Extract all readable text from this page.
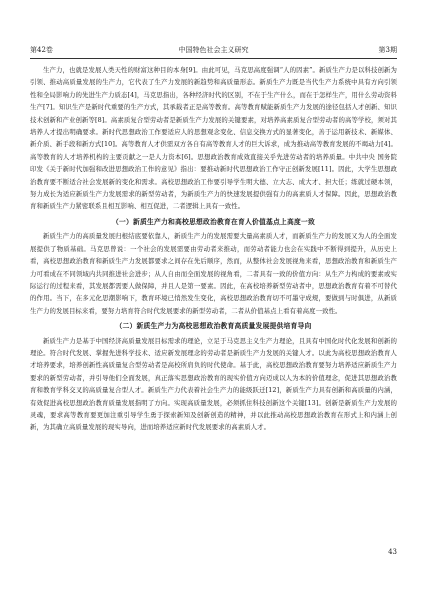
第42卷	中国特色社会主义研究	第3期

生产力，也就是发展人类天性的财富这种目的本身[9]。由此可见，马克思高度强调“人的因素”。新质生产力是以科技创新为引领、推动高质量发展的生产力，它代表了生产力发展的新趋势和高质量形态。新质生产力既是当代生产力系统中具有方向引领性和全局影响力的先进生产力质态[4]，马克思指出，各种经济时代的区别，不在于生产什么，而在于怎样生产，用什么劳动资料生产[7]。知识生产是新时代重要的生产方式，其承载者正是高等教育。高等教育赋能新质生产力发展的途径包括人才创新、知识技术创新和产业创新等[8]。高素质复合型劳动者是新质生产力发展的关键要素，对培养高素质复合型劳动者的高等学校，须对其培养人才提出明确要求。新时代思想政治工作要适应人的思想观念变化、信息交换方式的显著变化，善于运用新技术、新媒体、新介质、新手段和新方式[10]。高等教育人才供需双方各自有高等教育人才的巨大诉求，成为推动高等教育发展的不竭动力[4]。高等教育的人才培养机构的主要贡献之一是人力资本[6]。思想政治教育成效直接关乎先进劳动者的培养质量。中共中央 国务院印发《关于新时代加强和改进思想政治工作的意见》指出：要推动新时代思想政治工作守正创新发展[11]。因此，大学生思想政治教育要不断适合社会发展新的变化和需求。高校思想政治工作要引导学生明大德、立大志、成大才、担大任；练就过硬本领，努力成长为适应新质生产力发展需求的新型劳动者，为新质生产力的快速发展提供强有力的高素质人才保障。因此，思想政治教育和新质生产力紧密联系且相互影响、相互促进，二者逻辑上具有一致性。

（一）新质生产力和高校思想政治教育在育人价值基点上高度一致

新质生产力的高质量发展归根结底要依靠人，新质生产力的发展需要大量高素质人才，而新质生产力的发展又为人的全面发展提供了物质基础。马克思曾说：一个社会的发展需要由劳动者来推动，而劳动者能力也会在实践中不断得到提升，从历史上看，高校思想政治教育和新质生产力发展都要求之间存在先后顺序，然而，从整体社会发展视角来看，思想政治教育和新质生产力可看成在不同领域内共同推进社会进步；从人自由而全面发展的视角看，二者具有一致的价值方向：从生产力构成的要素或实际运行的过程来看，其发展都需要人做保障，并且人是第一要素。因此，在高校培养新型劳动者中，思想政治教育有着不可替代的作用。当下，在多元化思潮影响下，教育环境已悄然发生变化，高校思想政治教育切不可墨守成规，要做到与时俱进，从新质生产力的发展目标来看，要努力培育符合时代发展要求的新型劳动者，二者从价值基点上看有着高度一致性。

（二）新质生产力为高校思想政治教育高质量发展提供培育导向

新质生产力是基于中国经济高质量发展目标需求的理论，立足于马克思主义生产力理论，且具有中国化时代化发展和创新的理论。符合时代发展、掌握先进科学技术、适应新发展理念的劳动者是新质生产力发展的关键人才。以此为高校思想政治教育人才培养要求，培养创新性高质量复合型劳动者是高校所肩负的时代使命。基于此，高校思想政治教育要努力培养适应新质生产力要求的新型劳动者，并引导他们全面发展，真正落实思想政治教育的现实价值方向迈成以人为本的价值理念，促进其思想政治教育和教育学科交叉的高质量复合型人才。新质生产力代表着社会生产力的能级跃迁[12]，新质生产力具有创新和高质量的内涵，有效促进高校思想政治教育质量发展指明了方向。实现高质量发展，必须抓住科技创新这个关键[13]。创新是新质生产力发展的灵魂，要求高等教育要更加注重引导学生勇于探索新知及创新创造的精神，并以此推动高校思想政治教育在形式上和内涵上创新，为其确立高质量发展的现实导向，进而培养适应新时代发展要求的高素质人才。

43
